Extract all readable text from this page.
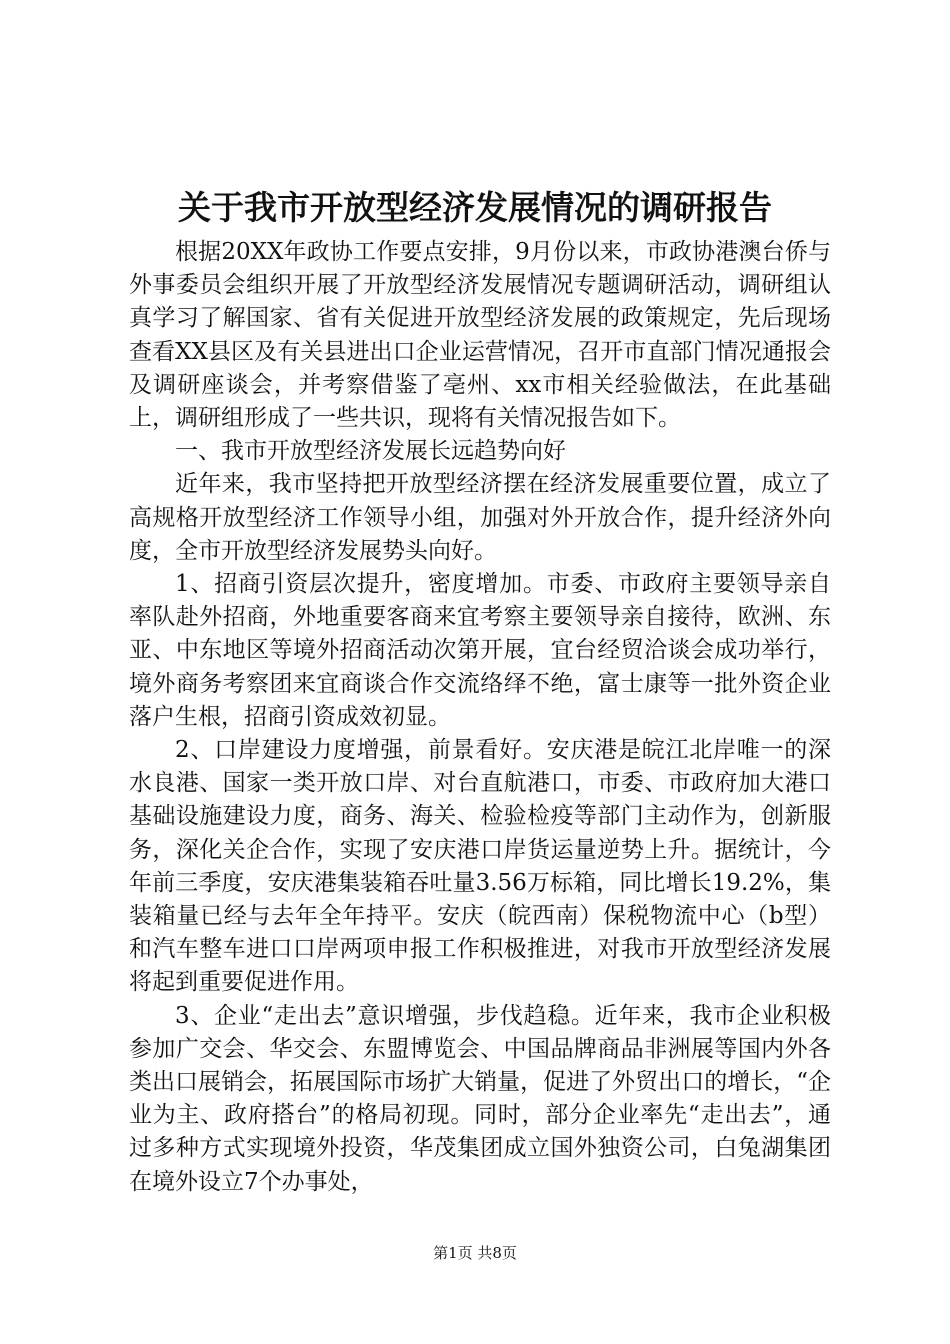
关于我市开放型经济发展情况的调研报告

根据20XX年政协工作要点安排，9月份以来，市政协港澳台侨与外事委员会组织开展了开放型经济发展情况专题调研活动，调研组认真学习了解国家、省有关促进开放型经济发展的政策规定，先后现场查看XX县区及有关县进出口企业运营情况，召开市直部门情况通报会及调研座谈会，并考察借鉴了亳州、xx市相关经验做法，在此基础上，调研组形成了一些共识，现将有关情况报告如下。

一、我市开放型经济发展长远趋势向好

近年来，我市坚持把开放型经济摆在经济发展重要位置，成立了高规格开放型经济工作领导小组，加强对外开放合作，提升经济外向度，全市开放型经济发展势头向好。

1、招商引资层次提升，密度增加。市委、市政府主要领导亲自率队赴外招商，外地重要客商来宜考察主要领导亲自接待，欧洲、东亚、中东地区等境外招商活动次第开展，宜台经贸洽谈会成功举行，境外商务考察团来宜商谈合作交流络绎不绝，富士康等一批外资企业落户生根，招商引资成效初显。

2、口岸建设力度增强，前景看好。安庆港是皖江北岸唯一的深水良港、国家一类开放口岸、对台直航港口，市委、市政府加大港口基础设施建设力度，商务、海关、检验检疫等部门主动作为，创新服务，深化关企合作，实现了安庆港口岸货运量逆势上升。据统计，今年前三季度，安庆港集装箱吞吐量3.56万标箱，同比增长19.2%，集装箱量已经与去年全年持平。安庆（皖西南）保税物流中心（b型）和汽车整车进口口岸两项申报工作积极推进，对我市开放型经济发展将起到重要促进作用。

3、企业“走出去”意识增强，步伐趋稳。近年来，我市企业积极参加广交会、华交会、东盟博览会、中国品牌商品非洲展等国内外各类出口展销会，拓展国际市场扩大销量，促进了外贸出口的增长，“企业为主、政府搭台”的格局初现。同时，部分企业率先“走出去”，通过多种方式实现境外投资，华茂集团成立国外独资公司，白兔湖集团在境外设立7个办事处，

第1页 共8页
